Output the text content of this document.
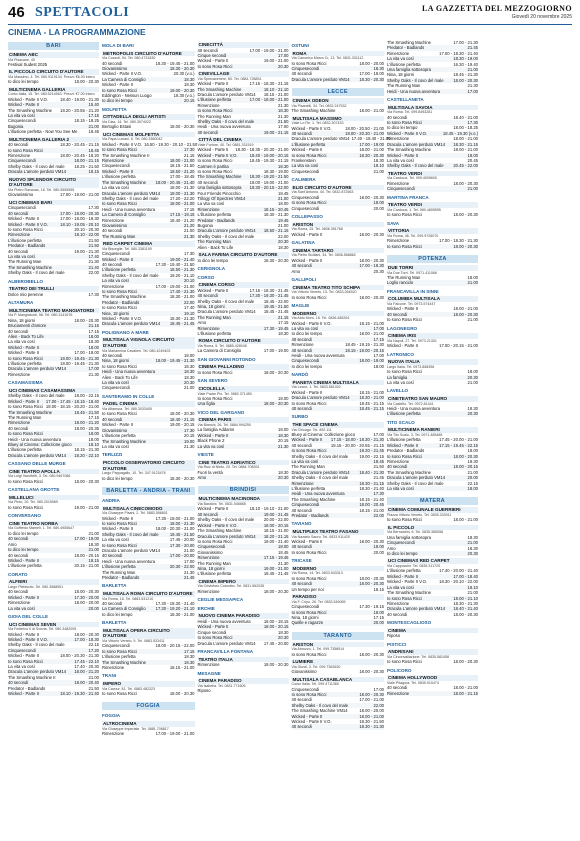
46 SPETTACOLI	LA GAZZETTA DEL MEZZOGIORNO
Giovedì 20 novembre 2025
CINEMA - LA PROGRAMMAZIONE
BARI
CINEMA ABC
Via Pisacane, 40
Festival Sudest 2025
IL PICCOLO CIRCUITO D'AUTORE
Via Massimo, 4. Tel. 080.9119134. Prezzi: €6.00 intero
Io dico lei tempo	18.00 - 20.30
MULTICINEMA GALLERIA
Corso Italia, 15. Tel. 080.5214563. Prezzi: €7.00 intero
Wicked - Parte II V.O.	18.40 - 19.00 - 21.30
Wicked - Parte II	15.40
The Smashing Machine 18.20 - 20.55 - 21.20
La vita va così	17.15
Cinquesecondi	18.15 - 18.25
Bugonia	21.00
L'illusione perfetta - Now You See Me	18.45
MULTICINEMA GALLERIA 2
40 secondi	18.30 - 20.45 - 21.15
Io sono Rosa Ricci	18.45
Rimenzione	18.00 - 20.45 - 18.20
Cinquesecondi	18.00 - 21.15
Shelby Oaks - Il covo del male 18.25 - 21.50
Dracula L'amore perduto VM14	18.15
NUOVO SPLENDOR CIRCUITO D'AUTORE
Via Pietro Ravanas, 18. Tel. 080.5555555
Giovanissimo	17.00 - 19.00 - 21.00
UCI CINEMAS BARI
Cinquesecondi	17.30
40 secondi	17.00 - 18.00 - 20.30
Wicked - Parte II	17.00 - 18.00 - 19.30
Wicked - Parte II V.O.	18.10 - 19.05 - 20.10
Io sono Rosa Ricci	20.10 - 20.30
Rimenzione	18.10 - 22.00
L'illusione perfetta	21.50
Predator - Badlands	21.50
40 secondi	19.00 - 21.30
La vita va così	17.40
The Running Man	21.30
The Smashing Machine	21.40
Shelby Oaks - Il covo del male	22.00
ALBEROBELLO
TEATRO DEI TRULLI
Dolce mio perenne	17.30
ALTAMURA
MULTICINEMA TEATRO MANGIATORDI
Via P. Mangiatordi, 56. Tel. 080.3141676
Nina, 18 giorni	18.00 - 20.30
Bruciamenti d'amore	21.15
40 secondi	17.15
Alien - Back To Life	18.00
La vita va così	18.30
Wicked - Parte II	18.00
Wicked - Parte II	17.00 - 19.00
Io sono Rosa Ricci	18.00 - 19.45 - 21.30
L'illusione perfetta	18.00 - 19.45 - 21.30
Dracula L'amore perduto VM14	17.00
Rimenzione	21.30
CASAMASSIMA
UCI CINEMAS CASAMASSIMA
Shelby Oaks - Il covo del male 18.00 - 22.15
Wicked - Parte II 17.00 - 17.45 - 18.15 - 18.40
Io sono Rosa Ricci 18.00 - 18.15 - 20.20 - 21.00
The Smashing Machine	18.45 - 21.50
The Running Man	17.15
Rimenzione	18.00 - 21.20
40 secondi	18.00 - 20.35
Io sono Rosa Ricci	18.00
Heidi - Una nuova avventura	18.00
Bluey al Cinema: Collezione gioco	18.10
L'illusione perfetta	18.15 - 21.30
Dracula L'amore perduto VM14 18.20 - 22.10
CASSANO DELLE MURGE
CINE TEATRO APOLLA
Via Luigi Vanvitelli, 3. Tel. 080.9467086
Io sono Rosa Ricci	18.00 - 20.30
CASTELLANA GROTTE
MILLELUCI
Via Pinto, 20. Tel. 080.2015969
Io sono Rosa Ricci	19.00 - 21.00
CONVERSANO
CINE TEATRO NORBA
Via Goffredo Mameli, 1. Tel. 080.4955647
Io dico lei tempo	21.00
40 secondi	17.00 - 19.00
Amo	18.30
Io dico lei tempo	21.00
40 secondi	18.00 - 20.15
Wicked - Parte II	18.15
L'illusione perfetta	20.15 - 21.00
CORATO
ALFIERI
Largo Plebiscito. Tel. 080.3588551
40 secondi	18.00 - 20.30
Wicked - Parte II	17.30 - 20.00
Rimenzione	18.00 - 20.00
La vita va così	20.00
GIOIA DEL COLLE
UCI CINEMAS SEVEN
Via Federico II di Svevia. Tel. 080.3482005
Wicked - Parte II	18.00 - 20.30
Wicked - Parte II V.O.	17.00 - 18.30
Shelby Oaks - Il covo del male	22.15
Cinquesecondi	17.20
Wicked - Parte II	18.00 - 20.30 - 21.30
Io sono Rosa Ricci	17.45 - 22.10
La vita va così	17.40 - 20.30
Dracula L'amore perduto VM14 18.00 - 21.20
The Smashing Machine II	21.00
40 secondi	18.00 - 20.40
Predator - Badlands	21.50
Wicked - Parte II	18.10 - 19.30 - 21.40
MOLA DI BARI
METROPOLIS CIRCUITO D'AUTORE
Via Cozzoli, 54. Tel. 080.4731830
40 secondi	18.30 - 19.45 - 21.00
Giovanissimo	18.30 - 20.30
Wicked - Parte II V.O.	20.30 (v.o.)
La Camera di Consiglio	18.30
Wicked - Parte II	18.30
Io sono Rosa Ricci	19.00 - 20.30
Eddington - Nessun Luogo	18.30 (v.o.)
Io dico lei tempo	20.15
MOLFETTA
CITTADELLA DEGLI ARTISTI
Via Diaz, 14. Tel. 080.3974022
Bertoglio Estasi	18.00 - 20.30
UCI CINEMAS MOLFETTA
Via Papa Luciani, 6. Tel. 080.3360042
Wicked - Parte II V.O. 16.50 - 19.30 - 20.10 - 21.50
Io sono Rosa Ricci	17.30
The Smashing Machine II	21.15
Rimenzione	18.00 - 21.00
Cinquesecondi	18.15 - 21.50
Wicked - Parte II	18.50 - 21.20
L'illusione perfetta	17.00 - 18.45
The Smashing Machine 18.00 - 20.45 - 21.40
La vita va così	18.00 - 21.30
Dracula L'amore perduto VM14 18.00 - 21.30
Shelby Oaks - Il covo del male	17.20 - 22.20
Io sono Rosa Ricci	18.00 - 21.00
Heidi - Una nuova avventura	17.15
La Camera di Consiglio	17.15 - 19.15
Rimenzione	18.40 - 21.20
Giovanissimo	21.20
40 secondi	21.00
The Running Man	21.30
RED CARPET CINEMA
Via Bisceglie. Tel. 080.3381190
Cinquesecondi	17.30
Wicked - Parte II	19.00 - 21.40
40 secondi	17.30 - 19.40 - 21.50
L'illusione perfetta	18.50 - 21.30
Shelby Oaks - Il covo del male	19.20 - 21.10
La vita va così	20.10
Rimenzione	17.00 - 19.00 - 21.00
Io sono Rosa Ricci	17.40 - 21.30
The Smashing Machine	18.30 - 21.00
Predator - Badlands	22.00
Io sono Rosa Ricci	17.40
Nina, 18 giorni	19.10
Wicked - Parte II V.O.	18.30 - 21.30
Dracula L'amore perduto VM14 18.45 - 21.45
POLIGNANO A MARE
MULTISALA VIGNOLA CIRCUITO D'AUTORE
Via Mariannina Cavalieri. Tel. 080.4249403
40 secondi	18.00
Nina, 18 giorni	18.00 - 19.45 - 21.30
Io sono Rosa Ricci	18.30
Heidi - Una nuova avventura	18.30
Alien - Back To Life	18.30
La vita va così	20.30
Cinquesecondi	21.00
SANTERAMO IN COLLE
PADEL CINEMA
Via Altamura. Tel. 080.3033405
Io sono Rosa Ricci	18.00 - 20.30
40 secondi	18.40 - 21.15
Wicked - Parte II	19.00 - 20.15
Giovanissimo	17.30
L'illusione perfetta	20.15
The Smashing Machine	19.00
La vita va così	21.30
TERLIZZI
PICCOLO OSSERVATORIO CIRCUITO D'AUTORE
Largo Pappagallo, 10. Tel. 347.9123476
Io dico lei tempo	18.30 - 20.30
BARLETTA - ANDRIA - TRANI
ANDRIA
MULTISALA CINECOMODO
Via Giuseppe Pisani, 2. Tel. 0883.556601
Wicked - Parte II	17.30 - 18.00 - 21.00
Io sono Rosa Ricci	18.00 - 21.30
Wicked - Parte II	18.00 - 20.30 - 21.00
Shelby Oaks - Il covo del male	19.45 - 21.50
La vita va così	17.45 - 20.00
Io sono Rosa Ricci	17.30 - 20.00
Dracula L'amore perduto VM14	21.00
40 secondi	17.00 - 20.00
Heidi - Una nuova avventura	17.00
L'illusione perfetta	20.30 - 22.00
The Running Man	21.30
Predator - Badlands	21.45
BARLETTA
MULTISALA ROMA CIRCUITO D'AUTORE
Via Roma, 18. Tel. 0883.531210
40 secondi	17.30 - 18.30 - 21.40
La Camera di Consiglio 17.30 - 19.20 - 21.10
Io dico lei tempo	18.30 - 21.00
BARLETTA
MULTISALA OPERA CIRCUITO D'AUTORE
Via Vittorio Veneto, 9. Tel. 0883.533411
Cinquesecondi	18.00 - 20.15 - 22.00
Io sono Rosa Ricci	17.15
L'illusione perfetta	18.30
The Smashing Machine	18.30
Rimenzione	18.15 - 21.00
TRANI
IMPERO
Via Cavour, 81. Tel. 0883.482323
Io sono Rosa Ricci	18.00 - 20.30
FOGGIA
FOGGIA
ALTROCINEMA
Via Giuseppe Imperiale. Tel. 0881.708817
Rimenzione	17.00 - 19.00 - 21.00
CINECITTÀ
40 secondi	17.00 - 19.00 - 21.00
Cinque secondi	17.00
Wicked - Parte II	19.00 - 21.00
Io sono Rosa Ricci	20.30
CINEVILLAGE
Via Sprecacenere, 60. Tel. 0881.728831
Wicked - Parte II	17.15 - 18.30 - 21.15
The Smashing Machine	18.10 - 21.10
Dracula L'amore perduto VM14 18.15 - 21.00
L'illusione perfetta	17.00 - 18.00 - 21.00
Rimenzione	21.30
Io sono Rosa Ricci	18.30
The Running Man	21.30
Shelby Oaks - Il covo del male	21.50
Heidi - Una nuova avventura	17.00
40 secondi	19.00 - 21.15
CITTÀ DEL CINEMA
Viale Fortore, 40. Tel. 0881.331519
Wicked - Parte II 18.30 - 18.35 - 20.30 - 21.00
Wicked - Parte II V.O.	18.40 - 19.00 - 20.15
Io sono Rosa Ricci	18.45 - 19.30 - 21.15
Carmen è partita	18.30
Io sono Rosa Ricci	18.30 - 19.00
The Smashing Machine 18.30 - 19.20 - 21.50
40 secondi	18.00 - 19.00 - 21.00
Una famiglia sottosopra 18.30 - 20.15 - 22.00
Four Friends Pinocchio	18.45
Trilogy Of Spectres VM14	21.00
La vita va così	18.00
Rimenzione	18.15 - 20.45
L'illusione perfetta	18.30 - 21.30
Predator - Badlands	19.45
Bugonia	21.00
Dracula L'amore perduto VM14 18.50 - 21.15
Shelby Oaks - Il covo del male	22.00
The Running Man	20.30
Alien - Back To Life	18.30
SALA FARINA CIRCUITO D'AUTORE
Io dico lei tempo	18.30 - 20.30
CERIGNOLA
CORSO
CINEMA CORSO
Wicked - Parte II	17.15 - 18.30 - 21.45
40 secondi	17.30 - 19.30 - 21.45
Shelby Oaks - Il covo del male 18.45 - 22.00
Nina, 18 giorni	19.45 - 21.50
Dracula L'amore perduto VM14 18.45 - 21.45
The Running Man	21.15
Amo	17.15
Rimenzione	17.30 - 19.45
L'illusione perfetta	18.30
ROMA CIRCUITO D'AUTORE
Via Roma, 5. Tel. 0885.428045
La Camera di Consiglio	17.00 - 19.00
SAN GIOVANNI ROTONDO
CINEMA PALLADINO
Io sono Rosa Ricci	18.00 - 20.30
SAN SEVERO
CICOLELLA
Viale Padre Pio. Tel. 0882.371450
Io sono Rosa Ricci	18.00
Una figlia	18.00 - 20.30
VICO DEL GARGANO
CINEMA PARIS
Via Bianchi, 26. Tel. 0884.994250
La famiglia Addams	18.00
Wicked - Parte II	18.30
Black Phone 2	20.15
La vita va così	21.30
VIESTE
CINE TEATRO ADRIATICO
Via Ruiz di Nieto, 20. Tel. 0884.708391
Fuori la verità	18.30
Amo	20.30
BRINDISI
MULTICINEMA MACINONDA
Via Bastioni. Tel. 0831.546665
Wicked - Parte II	18.10 - 19.10 - 21.00
40 secondi	19.00 - 21.45
Shelby Oaks - Il covo del male 20.00 - 22.00
Wicked - Parte II V.O.	18.00 - 20.15
The Smashing Machine	18.15 - 21.00
Dracula L'amore perduto VM14 18.20 - 21.15
Io sono Rosa Ricci	19.00 - 21.40
Cinquesecondi	18.00
Giovanissimo	18.45
Rimenzione	17.15 - 19.45
The Running Man	21.30
Nina, 18 giorni	19.00 - 21.00
L'illusione perfetta	18.45 - 21.45
CINEMA IMPERO
Via Cristoforo Colombo. Tel. 0831.562035
Rimenzione	18.00 - 20.30
CEGLIE MESSAPICA
ERCHIE
NUOVO CINEMA PARADISO
Heidi - Una nuova avventura	18.00 - 18.15
Wicked - Parte II	18.00 - 20.15
Cinque secondi	18.30
Io sono Rosa Ricci	20.30
Dracula L'amore perduto VM14 17.45 - 20.00
FRANCAVILLA FONTANA
TEATRO ITALIA
Rimenzione	18.00 - 20.30
MESAGNE
CINEMA PARADISO
Via Isabella. Tel. 0831.771605
Riposo
OSTUNI
ROMA
Via Canonico Marco Cr, 13. Tel. 0831.331112
Io sono Rosa Ricci	18.00 - 20.00
Cinquesecondi	18.30
40 secondi	17.00 - 19.00
Dracula L'amore perduto VM14 18.30 - 20.30
LECCE
CINEMA ODEON
Via Pisanelli, 34. Tel. 0832.247532
The Smashing Machine	18.00 - 21.00
MULTISALA MASSIMO
Viale Lo Re, 1. Tel. 0832.307433
Wicked - Parte II V.O.	18.00 - 20.50 - 21.00
40 secondi	18.00 - 20.30 - 21.00
Dracula L'amore perduto VM14 17.40 - 18.40 - 21.00
L'illusione perfetta	17.00 - 19.00
Wicked - Parte II	18.00 - 21.00
Io sono Rosa Ricci	18.30 - 20.30
Frankenstein	18.30
La vita va così	18.10
Cinquesecondi	21.00
CALIMERA
ELIO CIRCUITO D'AUTORE
Via Sant'Antonio, 44. Tel. 0832.872563
Cinquesecondi	18.00 - 20.30
Io sono Rosa Ricci	18.00
Cinquesecondi	20.00
COLLEPASSO
ARISTON
Via Roma, 25. Tel. 0836.351768
Wicked - Parte II	18.00 - 20.30
GALATINA
CINEMA TARTARO
Via Pietro Siciliani, 34. Tel. 0836.568862
Wicked - Parte II	18.00 - 20.30
40 secondi	17.00 - 18.30
Amo	20.30
GALLIPOLI
CINEMA TEATRO TITO SCHIPA
Via Vittorio Veneto, 13. Tel. 0833.264520
Io sono Rosa Ricci	18.00 - 20.30
MAGLIE
MODERNO
Via Aldo Moro, 18. Tel. 0836.485204
Wicked - Parte II V.O.	18.15 - 21.00
La vita va così	17.00
Io dico lei tempo	18.00 - 21.00
40 secondi	17.15
Rimenzione	18.45 - 19.15 - 21.30
40 secondi	18.15 - 19.00 - 20.15
Heidi - Una nuova avventura	17.00
Cinquesecondi	18.00 - 19.00
Io dico lei tempo	18.00
NARDÒ
PIANETA CINEMA MULTISALA
Via Lecce, 1. Tel. 0833.561002
Wicked - Parte II	18.15 - 21.00
Dracula L'amore perduto VM14 18.30 - 21.00
Io sono Rosa Ricci	18.45 - 21.15
40 secondi	18.45 - 21.15
SURBO
THE SPACE CINEMA
Via Chicago. Tel. 892.111
Bluey al Cinema: Collezione gioco	17.00
Wicked - Parte II 17.15 - 18.00 - 18.30 - 21.30
40 secondi	18.15 - 20.00 - 20.55 - 21.15
Io sono Rosa Ricci	19.20 - 21.45
Shelby Oaks - Il covo del male	19.00 - 22.15
La vita va così	18.45
The Running Man	21.50
Dracula L'amore perduto VM14 18.40 - 21.30
Shelby Oaks - Il covo del male	21.45
Rimenzione	18.30 - 21.15
L'illusione perfetta	18.30 - 21.40
Heidi - Una nuova avventura	17.30
The Smashing Machine	18.15 - 21.40
Cinquesecondi	18.00 - 20.45
40 secondi	18.15 - 21.00
Predator - Badlands	22.00
TAVIANO
MULTIPLEX TEATRO FASANO
Via Nazario Sauro. Tel. 0833.911420
Wicked - Parte II	18.00 - 20.30
40 secondi	18.00
Io sono Rosa Ricci	20.00
TRICASE
MODERNO
Via Roma, 14. Tel. 0833.543313
Io sono Rosa Ricci	18.00 - 20.30
40 secondi	18.00 - 20.30
Un tempo per noi	18.15
PARADISO
Via F. Cripo, 26. Tel. 0833.545065
Cinquesecondi	17.30 - 19.15
Io sono Rosa Ricci	18.00
Nina, 18 giorni	17.15
Quelle e ragazze	20.00
TARANTO
ARISTON
Via Abruzzo, 1. Tel. 099.7358914
Io sono Rosa Ricci	18.00 - 20.30
LUMIERE
Via Giusti, 3. Tel. 099.7362630
Giovanissimo	18.00 - 20.30
MULTISALA CASABLANCA
Corso Italia. Tel. 099.4711360
Cinquesecondi	17.00
Io sono Rosa Ricci	18.00 - 20.30
40 secondi	17.00 - 21.00
Shelby Oaks - Il covo del male	22.00
The Smashing Machine VM14	18.00 - 20.00
Wicked - Parte II	18.00 - 21.00
Wicked - Parte II V.O.	19.30 - 21.50
40 secondi	18.30 - 21.30
The Smashing Machine	17.00 - 21.30
Predator - Badlands	21.45
Rimenzione	17.00 - 18.30 - 21.40
La vita va così	18.30 - 19.00
L'illusione perfetta	16.30 - 19.40
Una famiglia sottosopra	21.00
Nina, 18 giorni	18.45 - 21.30
Shelby Oaks - Il covo del male 18.00 - 20.30
The Running Man	21.30
Heidi - Una nuova avventura	17.00
CASTELLANETA
MULTISALA SAVOIA
Via Roma. Tel. 099.8493281
40 secondi	18.40 - 21.00
Io sono Rosa Ricci	17.30
Io dico lei tempo	18.00 - 18.25
Wicked - Parte II V.O.	18.45 - 19.30 (v.o.)
Rimenzione	18.00 - 21.00
Dracula L'amore perduto VM14 18.30 - 21.15
The Smashing Machine	18.00 - 21.00
Wicked - Parte II	18.00
La vita va così	20.45
Shelby Oaks - Il covo del male 20.45 - 22.00
TEATRO VERDI
Via Carducci. Tel. 099.4005600
Rimenzione	18.00 - 20.30
Cinquesecondi	21.00
MARTINA FRANCA
TEATRO VERDI
Via Carducci, 1. Tel. 080.4805595
Io sono Rosa Ricci	18.00 - 20.30
SAVA
VITTORIA
Via Roma, 46. Tel. 099.9726070
Rimenzione	17.00 - 18.30 - 21.30
Io sono Rosa Ricci	18.00 - 20.30
POTENZA
DUE TORRI
Via Due Torri. Tel. 0971.411066
The Running Man	18.00
Loglio rancido	21.00
FRANCAVILLA IN SINNI
COLUMBIA MULTISALA
Via Falcone. Tel. 0973.574447
Wicked - Parte II	18.00 - 21.00
40 secondi	18.00 - 20.30
Io sono Rosa Ricci	21.00
LAGONEGRO
CINEMA IRIS
Via Napoli, 27. Tel. 0973.21301
Wicked - Parte II	17.00 - 20.15 - 21.00
LATRONICO
NUOVA ITALIA
Largo Italia. Tel. 0973.858396
Io sono Rosa Ricci	18.00
La famiglia	20.30
La vita va così	21.00
LAVELLO
CINETEATRO SAN MAURO
Via Castello. Tel. 0972.81441
Heidi - Una nuova avventura	18.30
L'illusione perfetta	20.30
TITO SCALO
MULTICINEMA RANIERI
Via Tito Scalo, 3. Tel. 0971.485485
L'illusione perfetta	17.45 - 20.00 - 21.00
Wicked - Parte II	17.15 - 19.45 - 22.15
Predator - Badlands	18.00
Io sono Rosa Ricci	18.00 - 20.30
Rimenzione	18.30
40 secondi	18.00 - 20.15
The Smashing Machine	21.00
Dracula L'amore perduto VM14	20.00
Shelby Oaks - Il covo del male	22.15
La vita va così	18.00
MATERA
CINEMA COMUNALE GUERRIERI
Piazza Vittorio Veneto. Tel. 0835.333911
Io sono Rosa Ricci	18.00 - 21.00
IL PICCOLO
Via Bernardini, 6. Tel. 0835.385058
Una famiglia sottosopra	18.30
Cinquesecondi	21.00
Amo	18.30
Io dico lei tempo	20.30
UCI CINEMAS RED CARPET
Via Cappuccini. Tel. 0835.311720
L'illusione perfetta	17.40 - 20.00 - 21.40
Wicked - Parte II	17.00 - 18.40
Wicked - Parte II V.O.	18.30 - 20.10 - 22.00
La vita va così	18.10
The Smashing Machine	21.00
Io sono Rosa Ricci	18.00 - 21.10
Rimenzione	18.30 - 21.30
Dracula L'amore perduto VM14 18.40 - 21.40
40 secondi	18.00 - 20.30
MONTESCAGLIOSO
CINEMA
Riposo
PISTICCI
ANDRISANI
Via Circonvallazione. Tel. 0835.582458
Io sono Rosa Ricci	18.00 - 20.30
POLICORO
CINEMA HOLLYWOOD
Viale Pitagora. Tel. 0835.910474
40 secondi	18.00 - 21.00
Rimenzione	18.00 - 21.15
